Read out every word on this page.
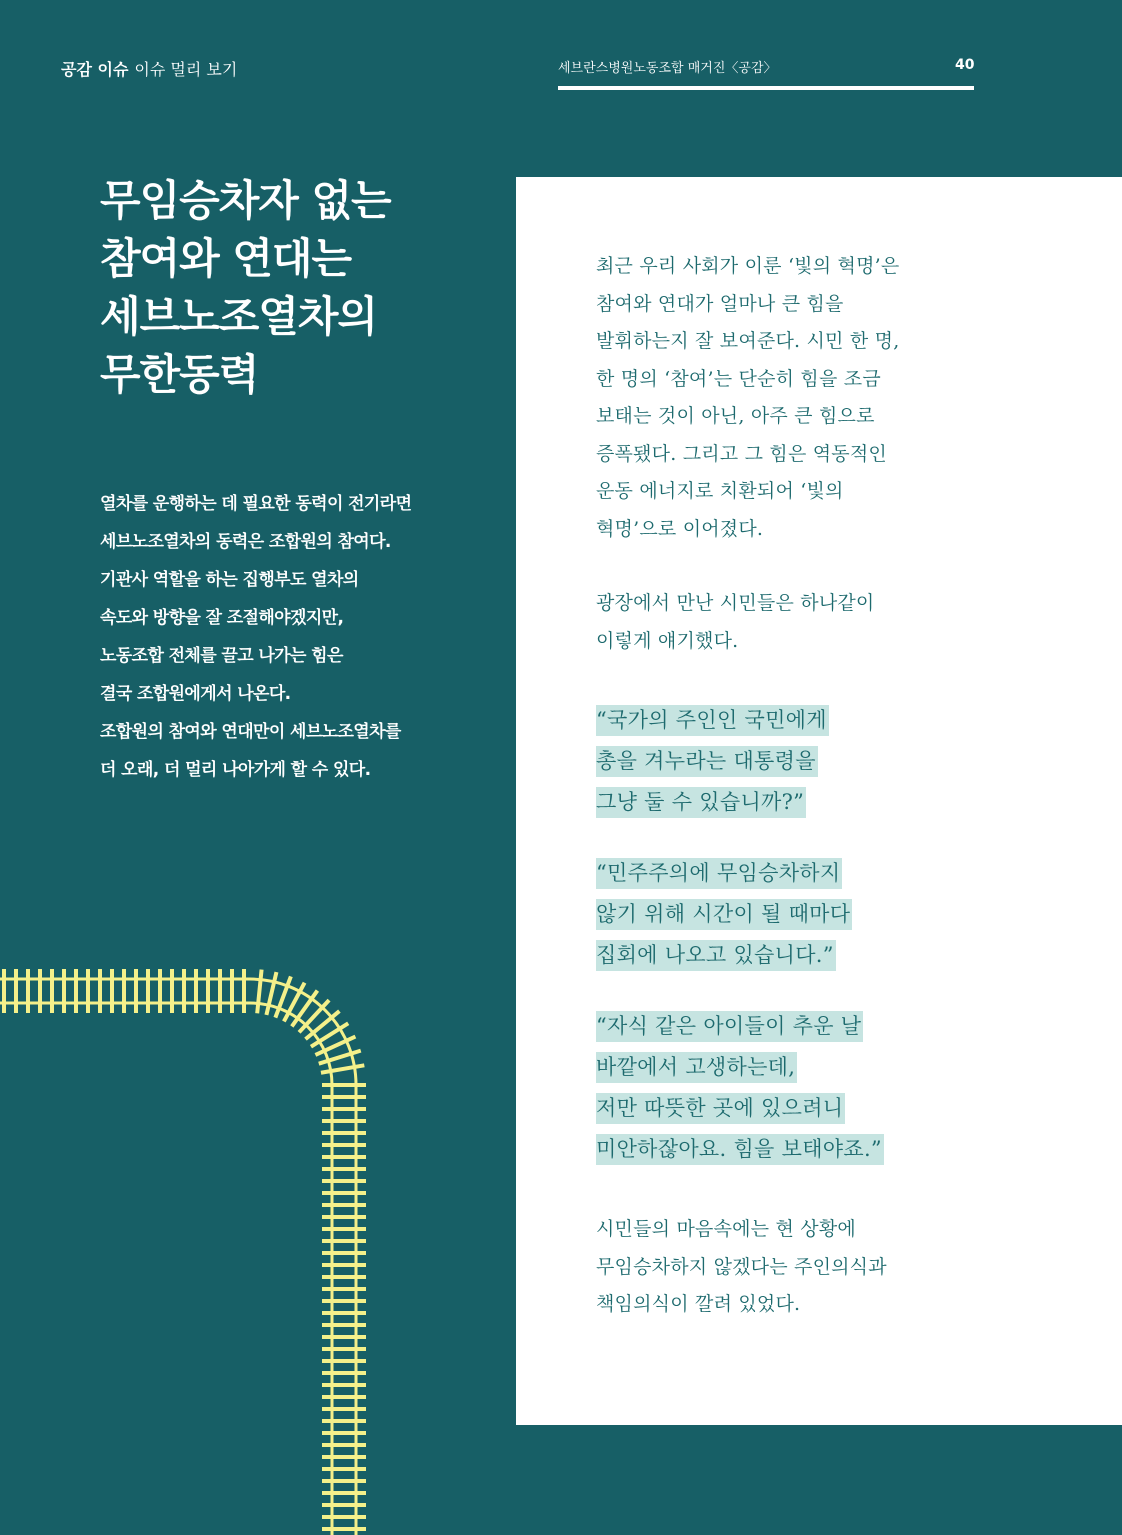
공감 이슈 이슈 멀리 보기	세브란스병원노동조합 매거진〈공감〉	40
무임승차자 없는
참여와 연대는
세브노조열차의
무한동력
열차를 운행하는 데 필요한 동력이 전기라면
세브노조열차의 동력은 조합원의 참여다.
기관사 역할을 하는 집행부도 열차의
속도와 방향을 잘 조절해야겠지만,
노동조합 전체를 끌고 나가는 힘은
결국 조합원에게서 나온다.
조합원의 참여와 연대만이 세브노조열차를
더 오래, 더 멀리 나아가게 할 수 있다.
최근 우리 사회가 이룬 ‘빛의 혁명’은
참여와 연대가 얼마나 큰 힘을
발휘하는지 잘 보여준다. 시민 한 명,
한 명의 ‘참여’는 단순히 힘을 조금
보태는 것이 아닌, 아주 큰 힘으로
증폭됐다. 그리고 그 힘은 역동적인
운동 에너지로 치환되어 ‘빛의
혁명’으로 이어졌다.
광장에서 만난 시민들은 하나같이
이렇게 얘기했다.
“국가의 주인인 국민에게
총을 겨누라는 대통령을
그냥 둘 수 있습니까?”
“민주주의에 무임승차하지
않기 위해 시간이 될 때마다
집회에 나오고 있습니다.”
“자식 같은 아이들이 추운 날
바깥에서 고생하는데,
저만 따뜻한 곳에 있으려니
미안하잖아요. 힘을 보태야죠.”
시민들의 마음속에는 현 상황에
무임승차하지 않겠다는 주인의식과
책임의식이 깔려 있었다.
